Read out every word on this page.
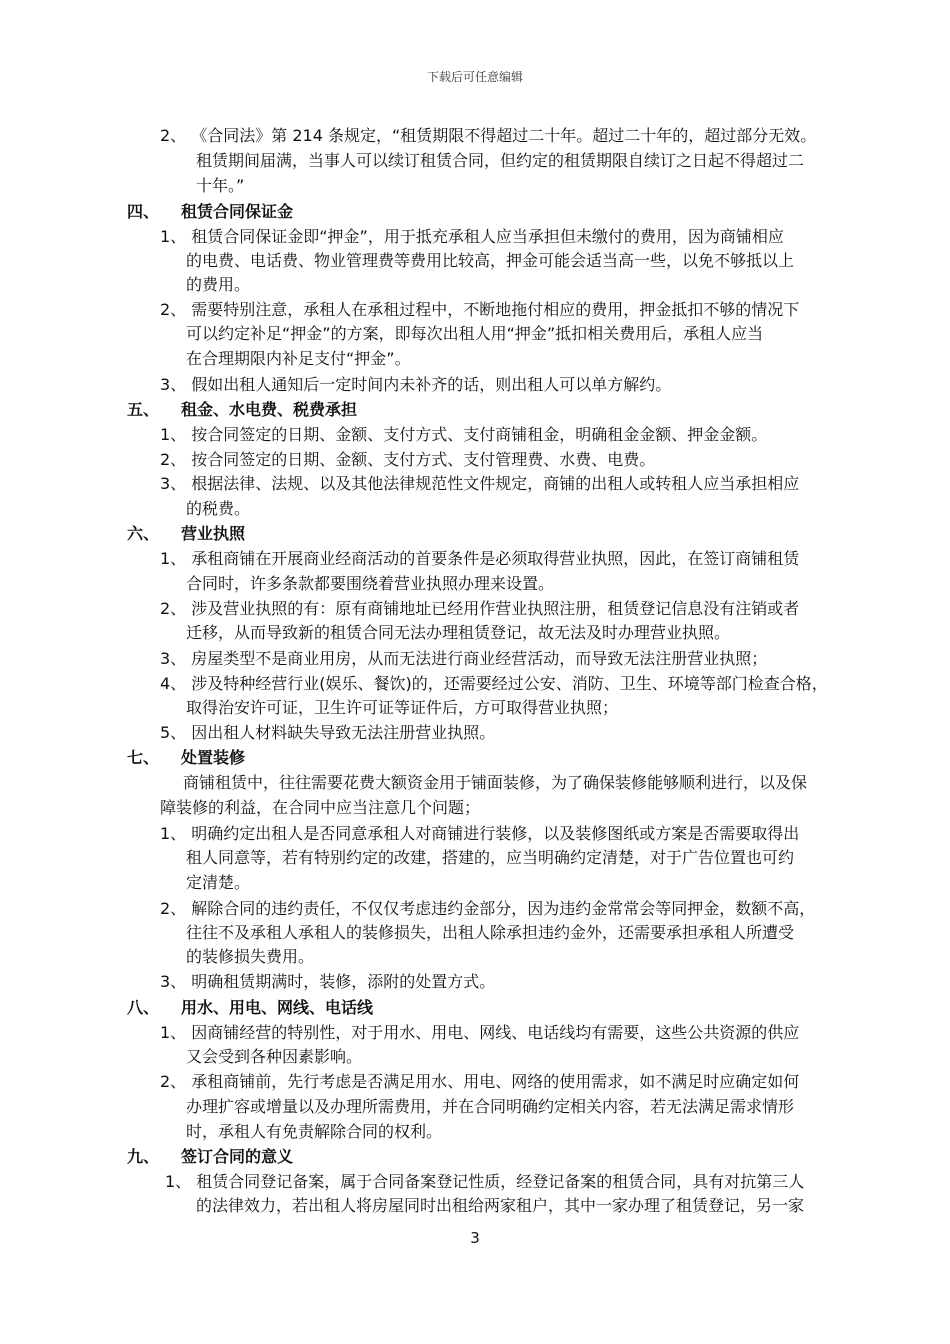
下载后可任意编辑
2、 《合同法》第 214 条规定，“租赁期限不得超过二十年。超过二十年的，超过部分无效。
租赁期间届满，当事人可以续订租赁合同，但约定的租赁期限自续订之日起不得超过二
十年。”
四、 租赁合同保证金
1、 租赁合同保证金即“押金”，用于抵充承租人应当承担但未缴付的费用，因为商铺相应
的电费、电话费、物业管理费等费用比较高，押金可能会适当高一些，以免不够抵以上
的费用。
2、 需要特别注意，承租人在承租过程中，不断地拖付相应的费用，押金抵扣不够的情况下
可以约定补足“押金”的方案，即每次出租人用“押金”抵扣相关费用后，承租人应当
在合理期限内补足支付“押金”。
3、 假如出租人通知后一定时间内未补齐的话，则出租人可以单方解约。
五、 租金、水电费、税费承担
1、 按合同签定的日期、金额、支付方式、支付商铺租金，明确租金金额、押金金额。
2、 按合同签定的日期、金额、支付方式、支付管理费、水费、电费。
3、 根据法律、法规、以及其他法律规范性文件规定，商铺的出租人或转租人应当承担相应
的税费。
六、 营业执照
1、 承租商铺在开展商业经商活动的首要条件是必须取得营业执照，因此，在签订商铺租赁
合同时，许多条款都要围绕着营业执照办理来设置。
2、 涉及营业执照的有：原有商铺地址已经用作营业执照注册，租赁登记信息没有注销或者
迁移，从而导致新的租赁合同无法办理租赁登记，故无法及时办理营业执照。
3、 房屋类型不是商业用房，从而无法进行商业经营活动，而导致无法注册营业执照；
4、 涉及特种经营行业(娱乐、餐饮)的，还需要经过公安、消防、卫生、环境等部门检查合格，
取得治安许可证，卫生许可证等证件后，方可取得营业执照；
5、 因出租人材料缺失导致无法注册营业执照。
七、 处置装修
商铺租赁中，往往需要花费大额资金用于铺面装修，为了确保装修能够顺利进行，以及保
障装修的利益，在合同中应当注意几个问题；
1、 明确约定出租人是否同意承租人对商铺进行装修，以及装修图纸或方案是否需要取得出
租人同意等，若有特别约定的改建，搭建的，应当明确约定清楚，对于广告位置也可约
定清楚。
2、 解除合同的违约责任，不仅仅考虑违约金部分，因为违约金常常会等同押金，数额不高，
往往不及承租人承租人的装修损失，出租人除承担违约金外，还需要承担承租人所遭受
的装修损失费用。
3、 明确租赁期满时，装修，添附的处置方式。
八、 用水、用电、网线、电话线
1、 因商铺经营的特别性，对于用水、用电、网线、电话线均有需要，这些公共资源的供应
又会受到各种因素影响。
2、 承租商铺前，先行考虑是否满足用水、用电、网络的使用需求，如不满足时应确定如何
办理扩容或增量以及办理所需费用，并在合同明确约定相关内容，若无法满足需求情形
时，承租人有免责解除合同的权利。
九、 签订合同的意义
1、 租赁合同登记备案，属于合同备案登记性质，经登记备案的租赁合同，具有对抗第三人
的法律效力，若出租人将房屋同时出租给两家租户，其中一家办理了租赁登记，另一家
3
